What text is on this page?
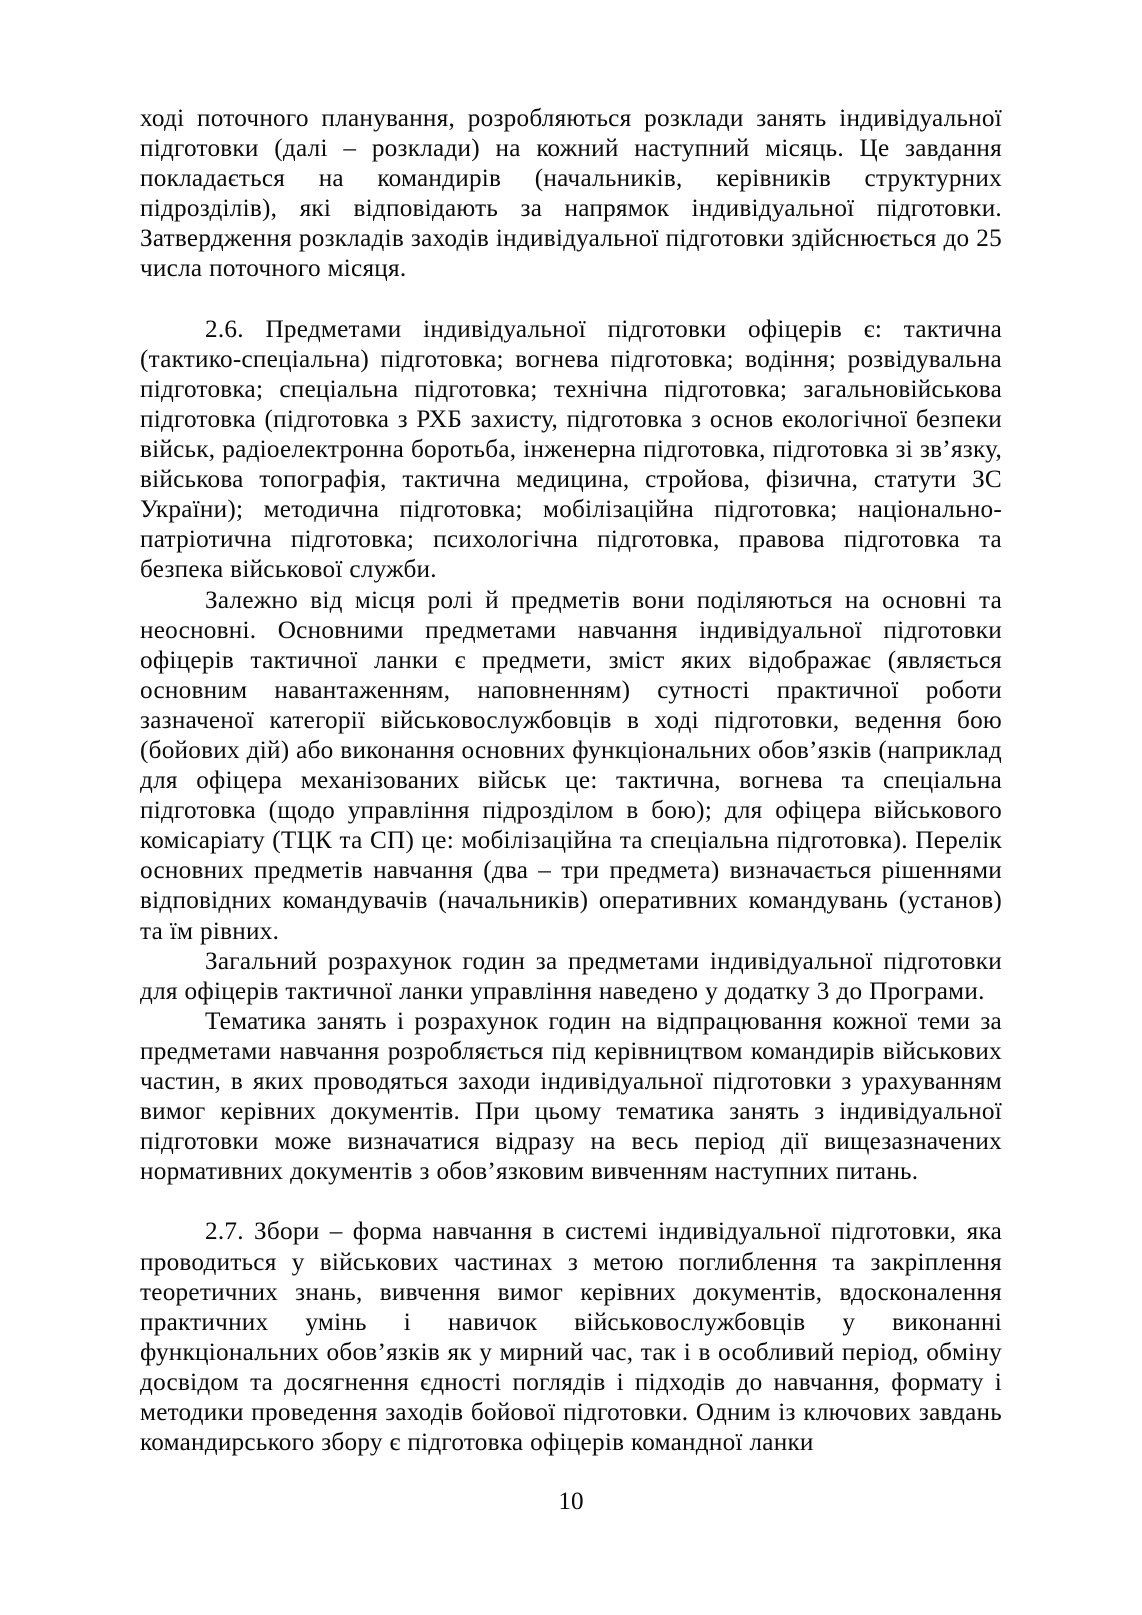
ході поточного планування, розробляються розклади занять індивідуальної підготовки (далі – розклади) на кожний наступний місяць. Це завдання покладається на командирів (начальників, керівників структурних підрозділів), які відповідають за напрямок індивідуальної підготовки. Затвердження розкладів заходів індивідуальної підготовки здійснюється до 25 числа поточного місяця.

2.6. Предметами індивідуальної підготовки офіцерів є: тактична (тактико-спеціальна) підготовка; вогнева підготовка; водіння; розвідувальна підготовка; спеціальна підготовка; технічна підготовка; загальновійськова підготовка (підготовка з РХБ захисту, підготовка з основ екологічної безпеки військ, радіоелектронна боротьба, інженерна підготовка, підготовка зі зв’язку, військова топографія, тактична медицина, стройова, фізична, статути ЗС України); методична підготовка; мобілізаційна підготовка; національно-патріотична підготовка; психологічна підготовка, правова підготовка та безпека військової служби.

Залежно від місця ролі й предметів вони поділяються на основні та неосновні. Основними предметами навчання індивідуальної підготовки офіцерів тактичної ланки є предмети, зміст яких відображає (являється основним навантаженням, наповненням) сутності практичної роботи зазначеної категорії військовослужбовців в ході підготовки, ведення бою (бойових дій) або виконання основних функціональних обов’язків (наприклад для офіцера механізованих військ це: тактична, вогнева та спеціальна підготовка (щодо управління підрозділом в бою); для офіцера військового комісаріату (ТЦК та СП) це: мобілізаційна та спеціальна підготовка). Перелік основних предметів навчання (два – три предмета) визначається рішеннями відповідних командувачів (начальників) оперативних командувань (установ) та їм рівних.

Загальний розрахунок годин за предметами індивідуальної підготовки для офіцерів тактичної ланки управління наведено у додатку 3 до Програми.

Тематика занять і розрахунок годин на відпрацювання кожної теми за предметами навчання розробляється під керівництвом командирів військових частин, в яких проводяться заходи індивідуальної підготовки з урахуванням вимог керівних документів. При цьому тематика занять з індивідуальної підготовки може визначатися відразу на весь період дії вищезазначених нормативних документів з обов’язковим вивченням наступних питань.

2.7. Збори – форма навчання в системі індивідуальної підготовки, яка проводиться у військових частинах з метою поглиблення та закріплення теоретичних знань, вивчення вимог керівних документів, вдосконалення практичних умінь і навичок військовослужбовців у виконанні функціональних обов’язків як у мирний час, так і в особливий період, обміну досвідом та досягнення єдності поглядів і підходів до навчання, формату і методики проведення заходів бойової підготовки. Одним із ключових завдань командирського збору є підготовка офіцерів командної ланки

10
